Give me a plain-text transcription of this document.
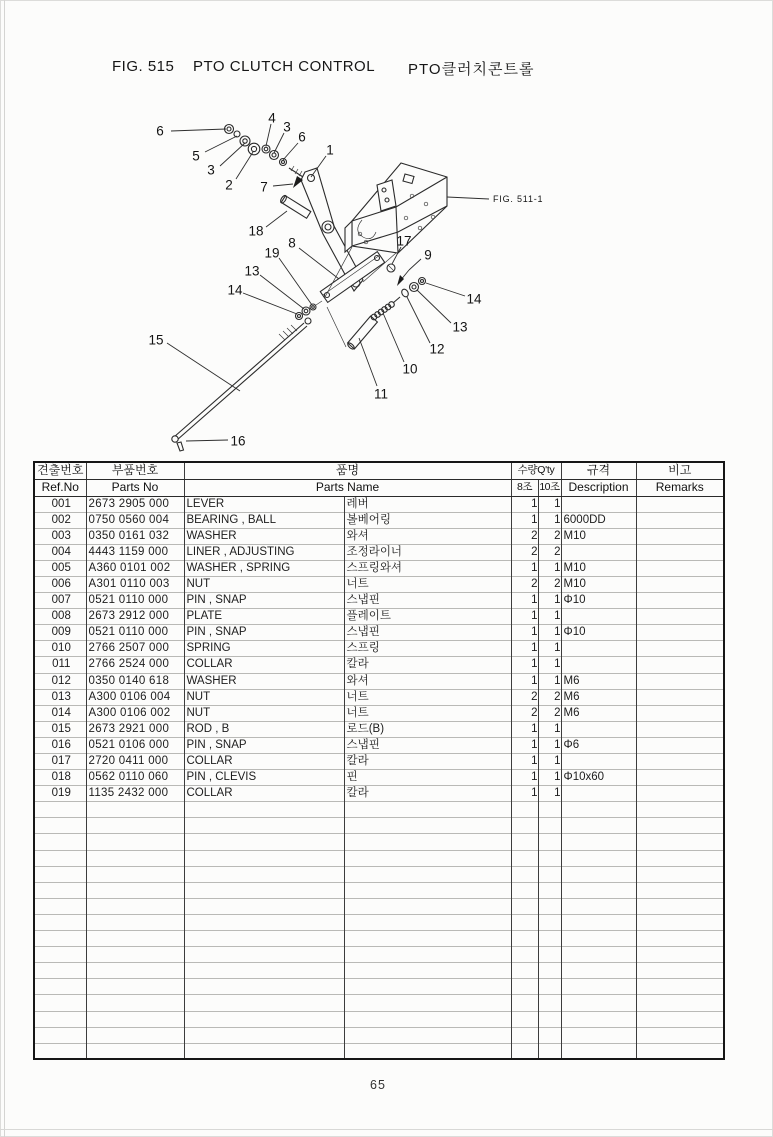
FIG. 515 PTO CLUTCH CONTROL PTO클러치콘트롤
6
5
3
2
4
3
6
1
7
18
8
19
13
14
17
9
14
13
12
10
11
15
16
FIG. 511-1
견출번호	부품번호	품명		수량Q'ty		규격	비고
Ref.No	Parts No	Parts Name		8조	10조	Description	Remarks
001	2673 2905 000	LEVER	레버	1	1		
002	0750 0560 004	BEARING , BALL	볼베어링	1	1	6000DD	
003	0350 0161 032	WASHER	와셔	2	2	M10	
004	4443 1159 000	LINER , ADJUSTING	조정라이너	2	2		
005	A360 0101 002	WASHER , SPRING	스프링와셔	1	1	M10	
006	A301 0110 003	NUT	너트	2	2	M10	
007	0521 0110 000	PIN , SNAP	스냅핀	1	1	Φ10	
008	2673 2912 000	PLATE	플레이트	1	1		
009	0521 0110 000	PIN , SNAP	스냅핀	1	1	Φ10	
010	2766 2507 000	SPRING	스프링	1	1		
011	2766 2524 000	COLLAR	칼라	1	1		
012	0350 0140 618	WASHER	와셔	1	1	M6	
013	A300 0106 004	NUT	너트	2	2	M6	
014	A300 0106 002	NUT	너트	2	2	M6	
015	2673 2921 000	ROD , B	로드(B)	1	1		
016	0521 0106 000	PIN , SNAP	스냅핀	1	1	Φ6	
017	2720 0411 000	COLLAR	칼라	1	1		
018	0562 0110 060	PIN , CLEVIS	핀	1	1	Φ10x60	
019	1135 2432 000	COLLAR	칼라	1	1		

65
